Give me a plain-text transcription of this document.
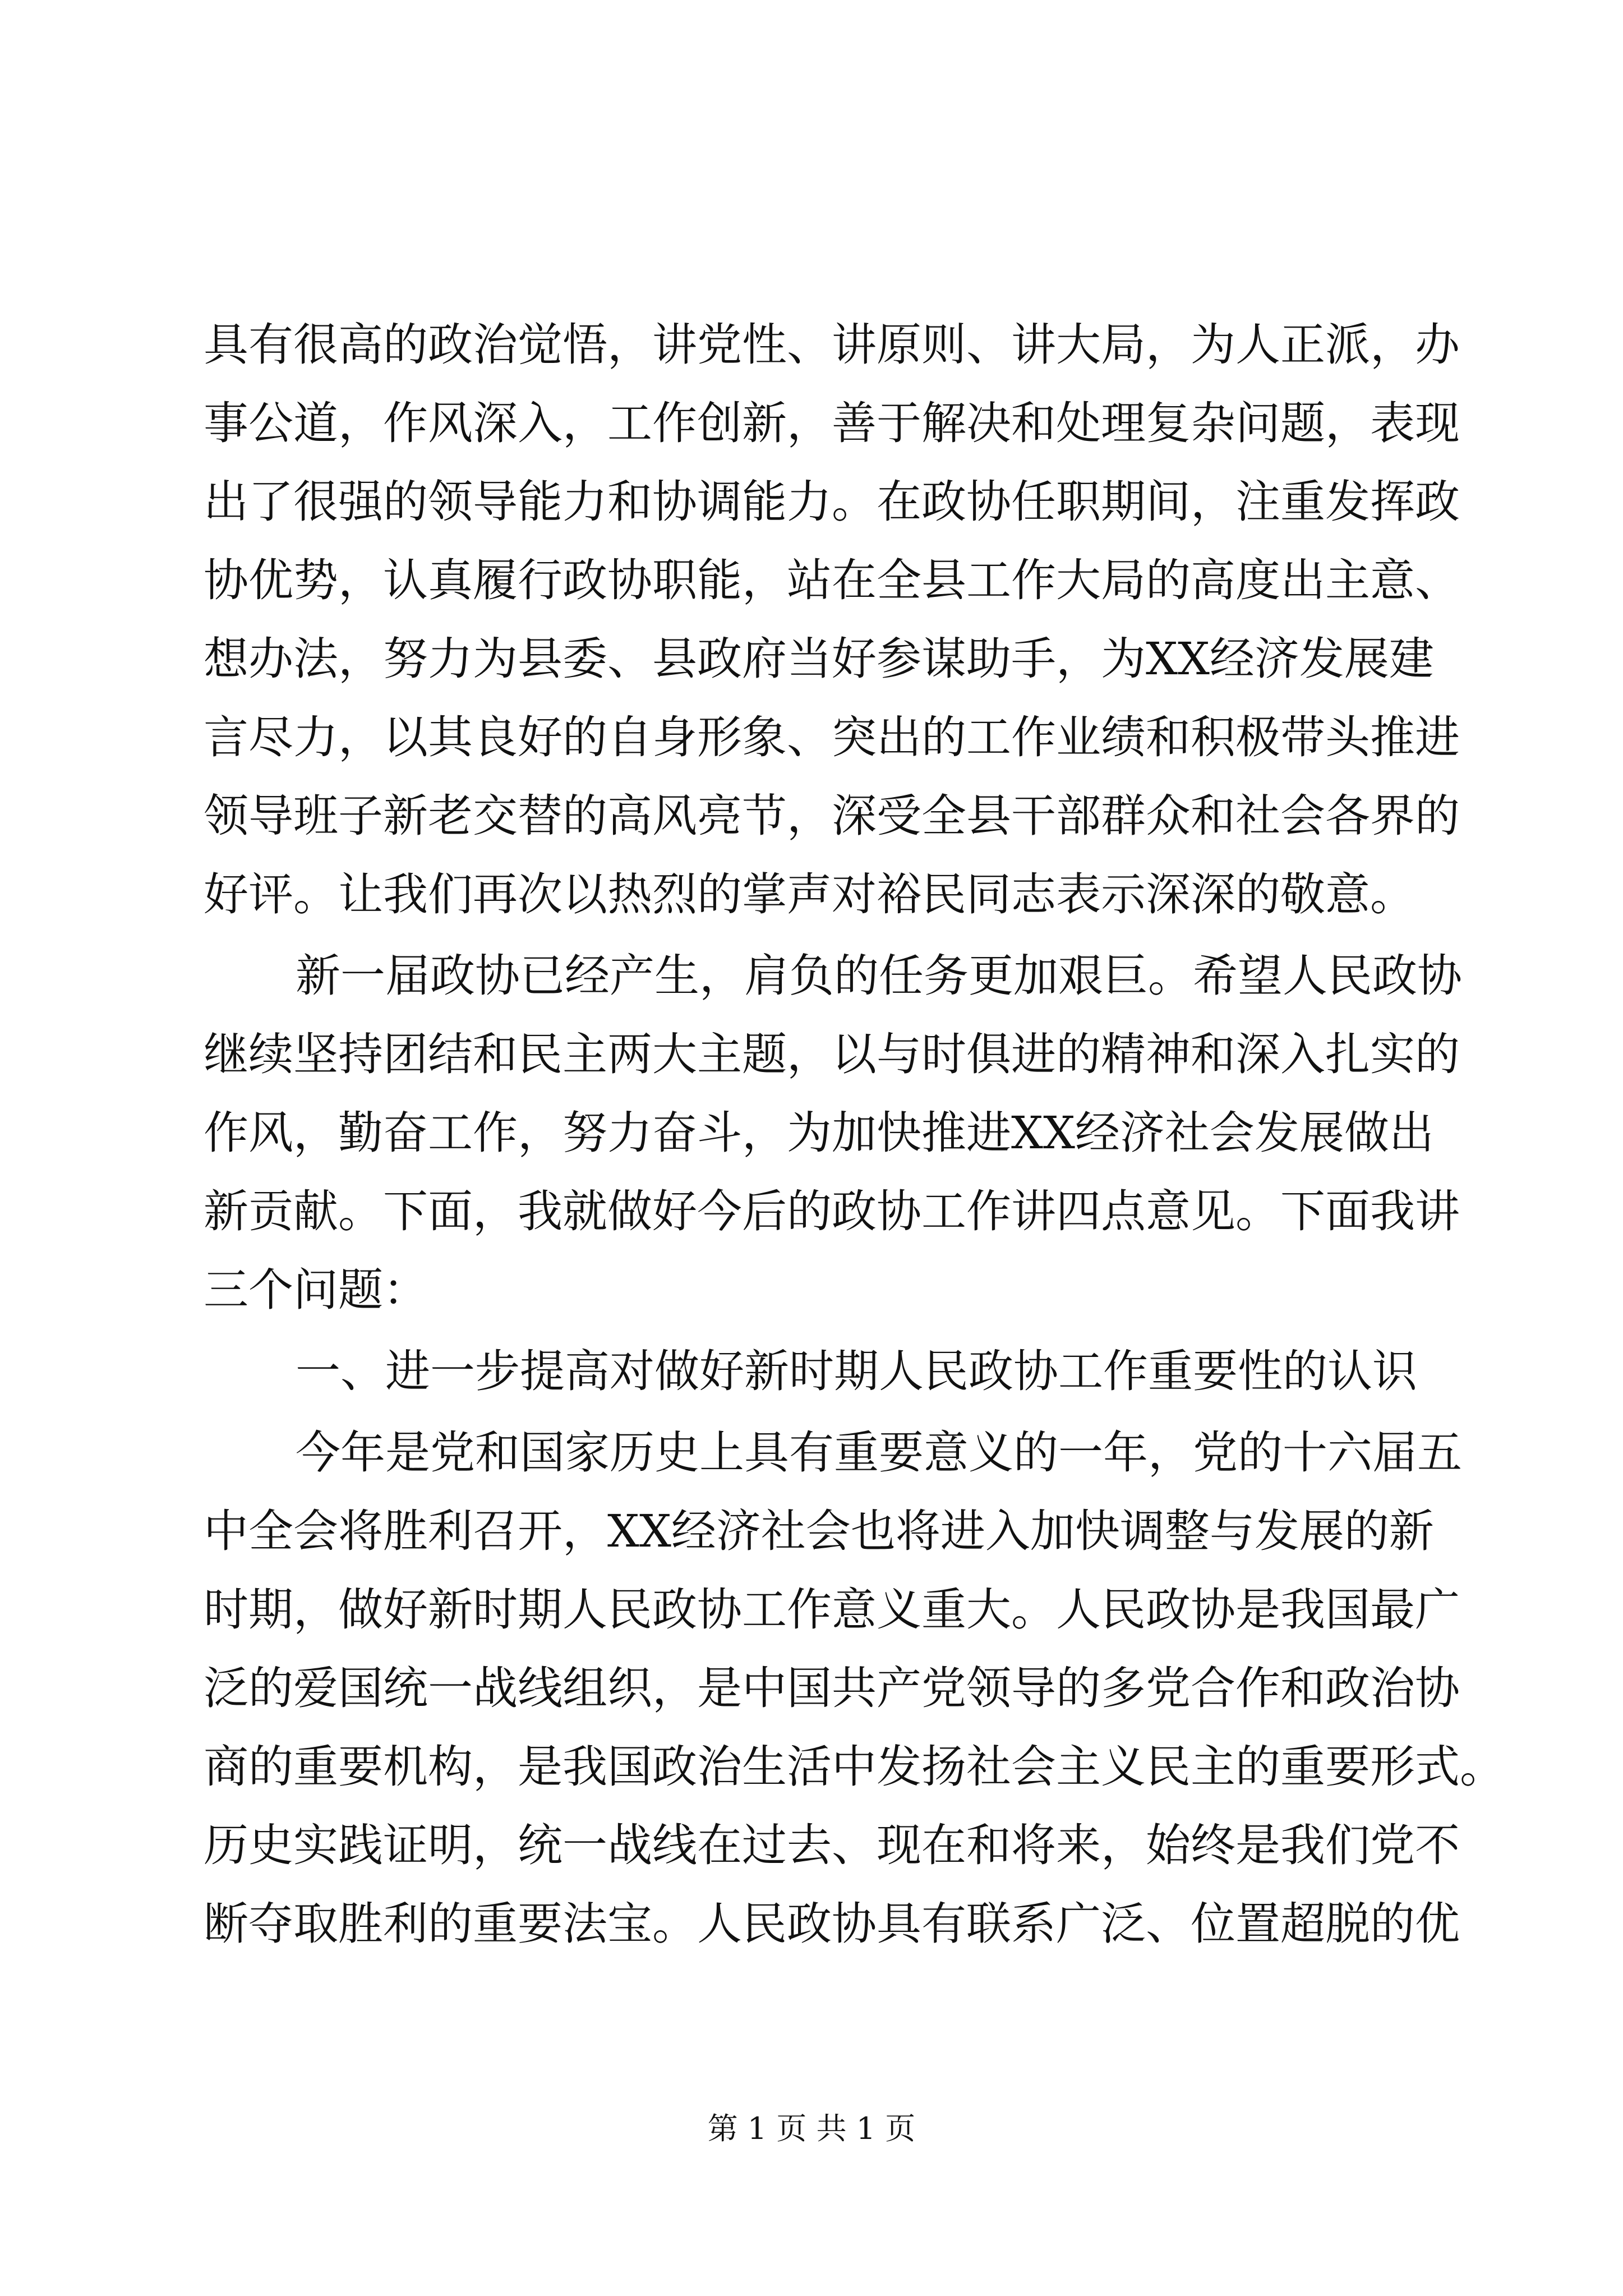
具有很高的政治觉悟，讲党性、讲原则、讲大局，为人正派，办
事公道，作风深入，工作创新，善于解决和处理复杂问题，表现
出了很强的领导能力和协调能力。在政协任职期间，注重发挥政
协优势，认真履行政协职能，站在全县工作大局的高度出主意、
想办法，努力为县委、县政府当好参谋助手，为XX经济发展建
言尽力，以其良好的自身形象、突出的工作业绩和积极带头推进
领导班子新老交替的高风亮节，深受全县干部群众和社会各界的
好评。让我们再次以热烈的掌声对裕民同志表示深深的敬意。
新一届政协已经产生，肩负的任务更加艰巨。希望人民政协
继续坚持团结和民主两大主题，以与时俱进的精神和深入扎实的
作风，勤奋工作，努力奋斗，为加快推进XX经济社会发展做出
新贡献。下面，我就做好今后的政协工作讲四点意见。下面我讲
三个问题：
一、进一步提高对做好新时期人民政协工作重要性的认识
今年是党和国家历史上具有重要意义的一年，党的十六届五
中全会将胜利召开，XX经济社会也将进入加快调整与发展的新
时期，做好新时期人民政协工作意义重大。人民政协是我国最广
泛的爱国统一战线组织，是中国共产党领导的多党合作和政治协
商的重要机构，是我国政治生活中发扬社会主义民主的重要形式。
历史实践证明，统一战线在过去、现在和将来，始终是我们党不
断夺取胜利的重要法宝。人民政协具有联系广泛、位置超脱的优
第 1 页 共 1 页
